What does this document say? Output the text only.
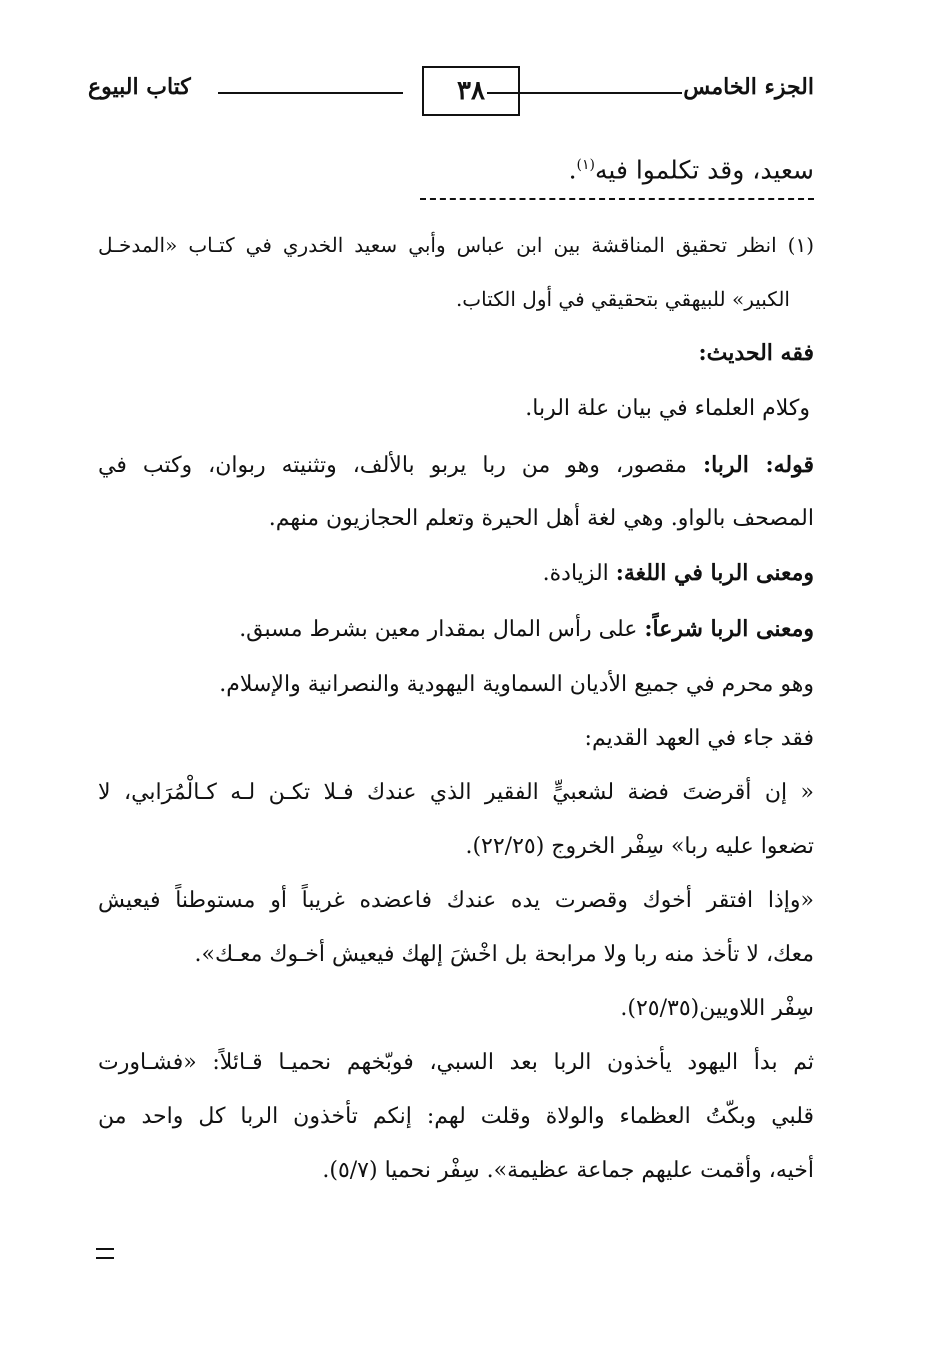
الجزء الخامس
٣٨
كتاب البيوع
سعيد، وقد تكلموا فيه$^{(١)}$.
(١) انظر تحقيق المناقشة بين ابن عباس وأبي سعيد الخدري في كتـاب «المدخـل
الكبير» للبيهقي بتحقيقي في أول الكتاب.
فقه الحديث:
وكلام العلماء في بيان علة الربا.
قوله: الربا: مقصور، وهو من ربا يربو بالألف، وتثنيته ربوان، وكتب في
المصحف بالواو. وهي لغة أهل الحيرة وتعلم الحجازيون منهم.
ومعنى الربا في اللغة: الزيادة.
ومعنى الربا شرعاً: على رأس المال بمقدار معين بشرط مسبق.
وهو محرم في جميع الأديان السماوية اليهودية والنصرانية والإسلام.
فقد جاء في العهد القديم:
« إن أقرضتَ فضة لشعبيٍّ الفقير الذي عندك فـلا تكـن لـه كـالْمُرَابي، لا
تضعوا عليه ربا» سِفْر الخروج (٢٢/٢٥).
«وإذا افتقر أخوك وقصرت يده عندك فاعضده غريباً أو مستوطناً فيعيش
معك، لا تأخذ منه ربا ولا مرابحة بل اخْشَ إلهك فيعيش أخـوك معـك».
سِفْر اللاويين(٢٥/٣٥).
ثم بدأ اليهود يأخذون الربا بعد السبي، فوبّخهم نحميـا قـائلاً: «فشـاورت
قلبي وبكّتُ العظماء والولاة وقلت لهم: إنكم تأخذون الربا كل واحد من
أخيه، وأقمت عليهم جماعة عظيمة». سِفْر نحميا (٥/٧).
